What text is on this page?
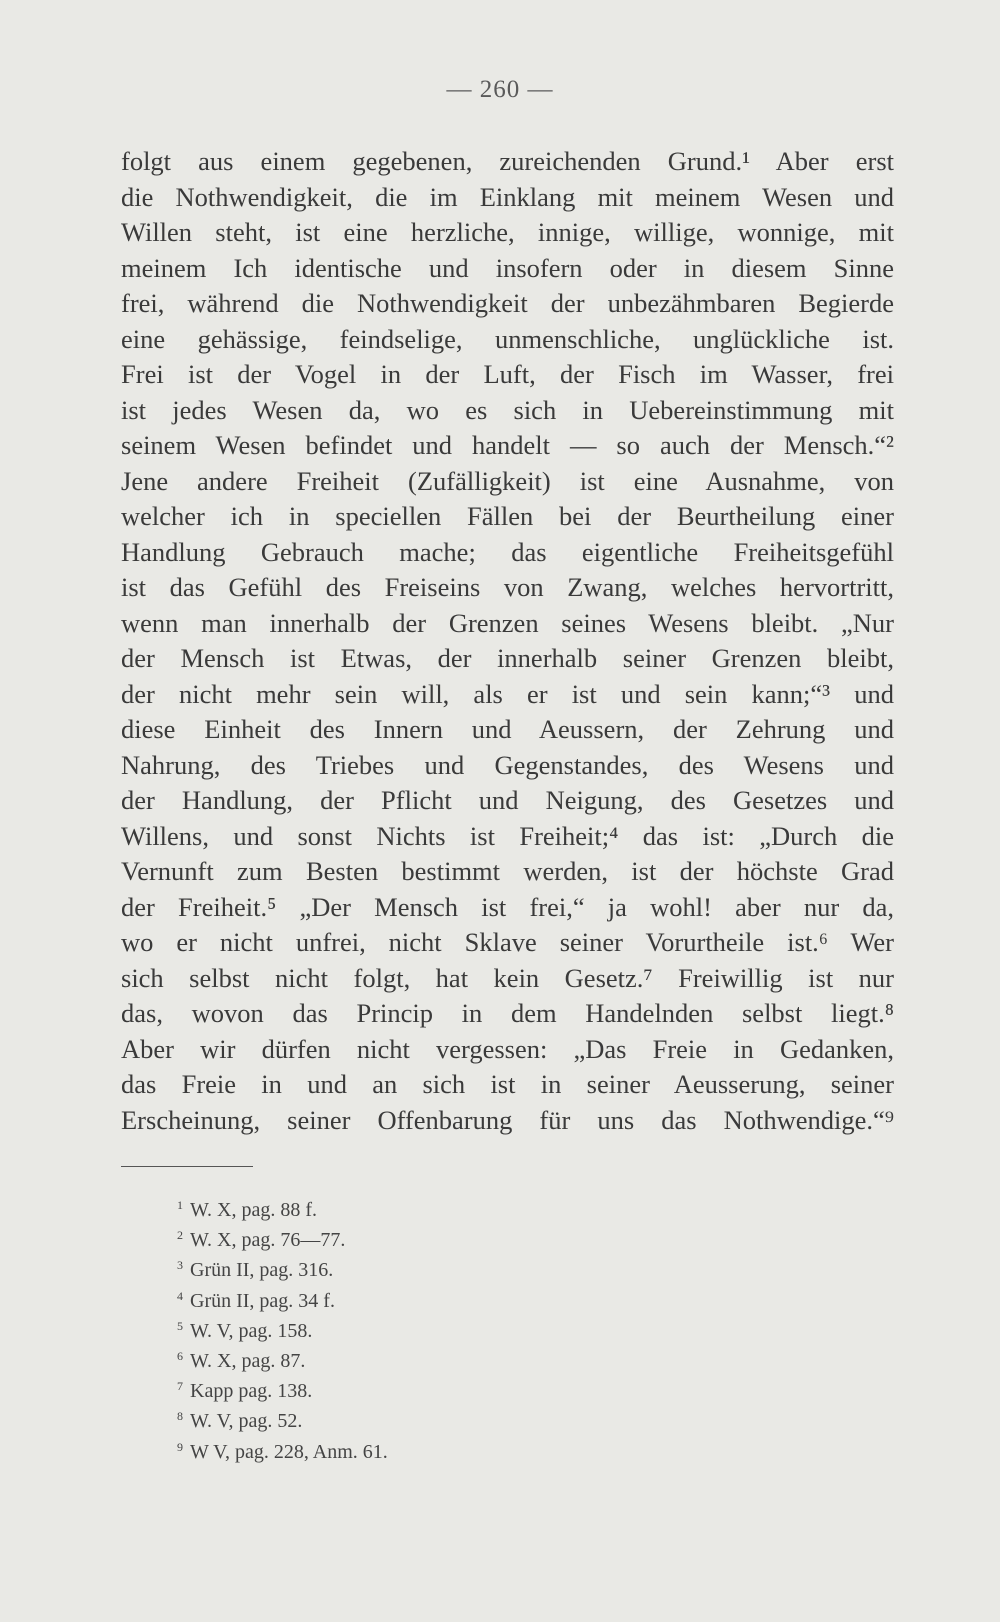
— 260 —
folgt aus einem gegebenen, zureichenden Grund.¹ Aber erst
die Nothwendigkeit, die im Einklang mit meinem Wesen und
Willen steht, ist eine herzliche, innige, willige, wonnige, mit
meinem Ich identische und insofern oder in diesem Sinne
frei, während die Nothwendigkeit der unbezähmbaren Begierde
eine gehässige, feindselige, unmenschliche, unglückliche ist.
Frei ist der Vogel in der Luft, der Fisch im Wasser, frei
ist jedes Wesen da, wo es sich in Uebereinstimmung mit
seinem Wesen befindet und handelt — so auch der Mensch.“²
Jene andere Freiheit (Zufälligkeit) ist eine Ausnahme, von
welcher ich in speciellen Fällen bei der Beurtheilung einer
Handlung Gebrauch mache; das eigentliche Freiheitsgefühl
ist das Gefühl des Freiseins von Zwang, welches hervortritt,
wenn man innerhalb der Grenzen seines Wesens bleibt. „Nur
der Mensch ist Etwas, der innerhalb seiner Grenzen bleibt,
der nicht mehr sein will, als er ist und sein kann;“³ und
diese Einheit des Innern und Aeussern, der Zehrung und
Nahrung, des Triebes und Gegenstandes, des Wesens und
der Handlung, der Pflicht und Neigung, des Gesetzes und
Willens, und sonst Nichts ist Freiheit;⁴ das ist: „Durch die
Vernunft zum Besten bestimmt werden, ist der höchste Grad
der Freiheit.⁵ „Der Mensch ist frei,“ ja wohl! aber nur da,
wo er nicht unfrei, nicht Sklave seiner Vorurtheile ist.⁶ Wer
sich selbst nicht folgt, hat kein Gesetz.⁷ Freiwillig ist nur
das, wovon das Princip in dem Handelnden selbst liegt.⁸
Aber wir dürfen nicht vergessen: „Das Freie in Gedanken,
das Freie in und an sich ist in seiner Aeusserung, seiner
Erscheinung, seiner Offenbarung für uns das Nothwendige.“⁹
$^1$ W. X, pag. 88 f.
$^2$ W. X, pag. 76—77.
$^3$ Grün II, pag. 316.
$^4$ Grün II, pag. 34 f.
$^5$ W. V, pag. 158.
$^6$ W. X, pag. 87.
$^7$ Kapp pag. 138.
$^8$ W. V, pag. 52.
$^9$ W V, pag. 228, Anm. 61.
